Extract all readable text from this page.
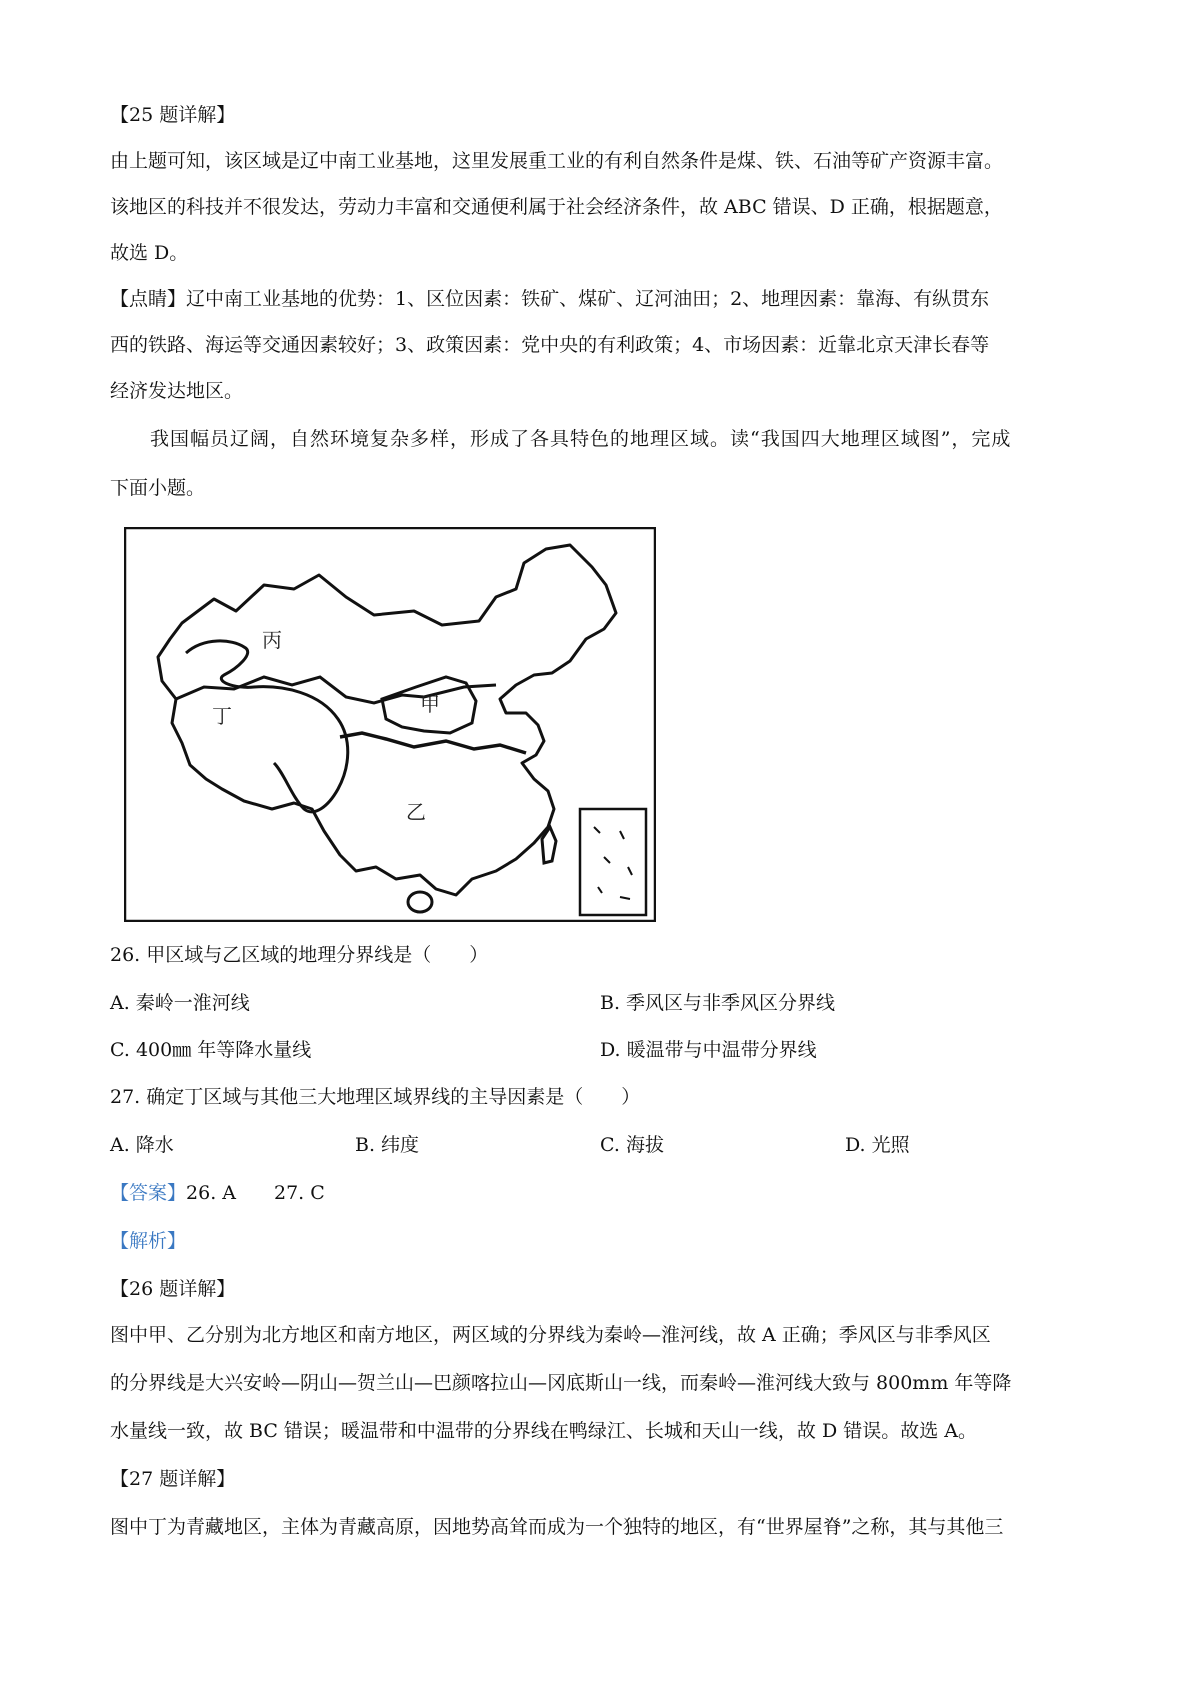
【25 题详解】
由上题可知，该区域是辽中南工业基地，这里发展重工业的有利自然条件是煤、铁、石油等矿产资源丰富。
该地区的科技并不很发达，劳动力丰富和交通便利属于社会经济条件，故 ABC 错误、D 正确，根据题意，
故选 D。
【点睛】辽中南工业基地的优势：1、区位因素：铁矿、煤矿、辽河油田；2、地理因素：靠海、有纵贯东
西的铁路、海运等交通因素较好；3、政策因素：党中央的有利政策；4、市场因素：近靠北京天津长春等
经济发达地区。
我国幅员辽阔，自然环境复杂多样，形成了各具特色的地理区域。读“我国四大地理区域图”，完成
下面小题。
丙
丁	甲
乙
26. 甲区域与乙区域的地理分界线是（　　）
A. 秦岭一淮河线	B. 季风区与非季风区分界线
C. 400㎜ 年等降水量线	D. 暖温带与中温带分界线
27. 确定丁区域与其他三大地理区域界线的主导因素是（　　）
A. 降水	B. 纬度	C. 海拔	D. 光照
【答案】26. A　　27. C
【解析】
【26 题详解】
图中甲、乙分别为北方地区和南方地区，两区域的分界线为秦岭—淮河线，故 A 正确；季风区与非季风区
的分界线是大兴安岭—阴山—贺兰山—巴颜喀拉山—冈底斯山一线，而秦岭—淮河线大致与 800mm 年等降
水量线一致，故 BC 错误；暖温带和中温带的分界线在鸭绿江、长城和天山一线，故 D 错误。故选 A。
【27 题详解】
图中丁为青藏地区，主体为青藏高原，因地势高耸而成为一个独特的地区，有“世界屋脊”之称，其与其他三
